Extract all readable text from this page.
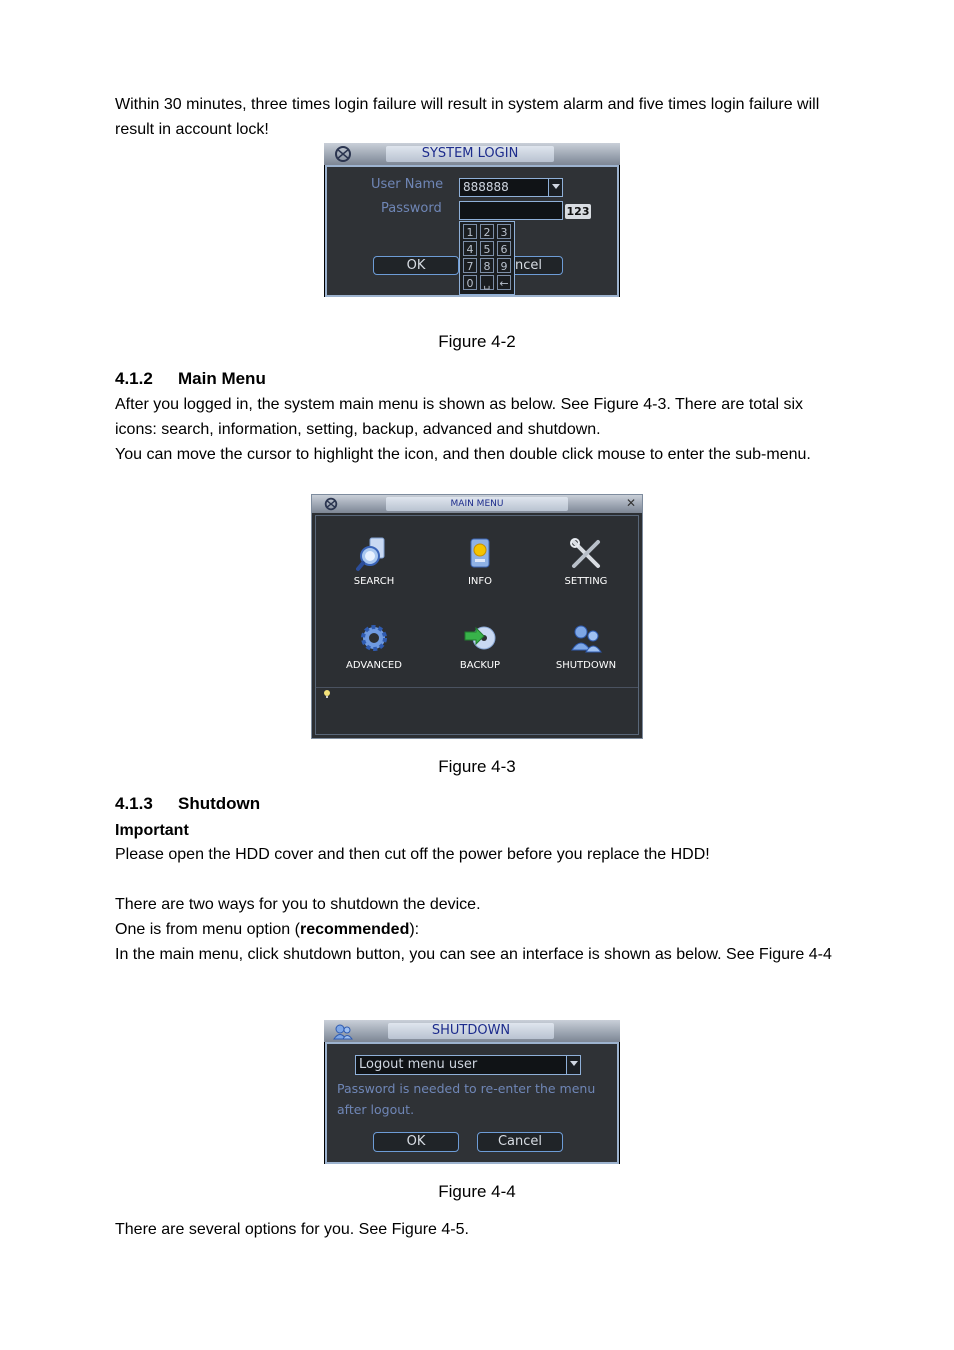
Within 30 minutes, three times login failure will result in system alarm and five times login failure will result in account lock!
SYSTEM LOGIN
User Name	888888
Password	123
OK	ncel
1 2 3
4 5 6
7 8 9
0 ␣ ←
Figure 4-2
4.1.2 Main Menu
After you logged in, the system main menu is shown as below. See Figure 4-3. There are total six icons: search, information, setting, backup, advanced and shutdown.
You can move the cursor to highlight the icon, and then double click mouse to enter the sub-menu.
MAIN MENU	✕
SEARCH	INFO	SETTING
ADVANCED	BACKUP	SHUTDOWN
Figure 4-3
4.1.3 Shutdown
Important
Please open the HDD cover and then cut off the power before you replace the HDD!
There are two ways for you to shutdown the device.
One is from menu option (recommended):
In the main menu, click shutdown button, you can see an interface is shown as below. See Figure 4-4
SHUTDOWN
Logout menu user
Password is needed to re-enter the menu after logout.
OK	Cancel
Figure 4-4
There are several options for you. See Figure 4-5.
